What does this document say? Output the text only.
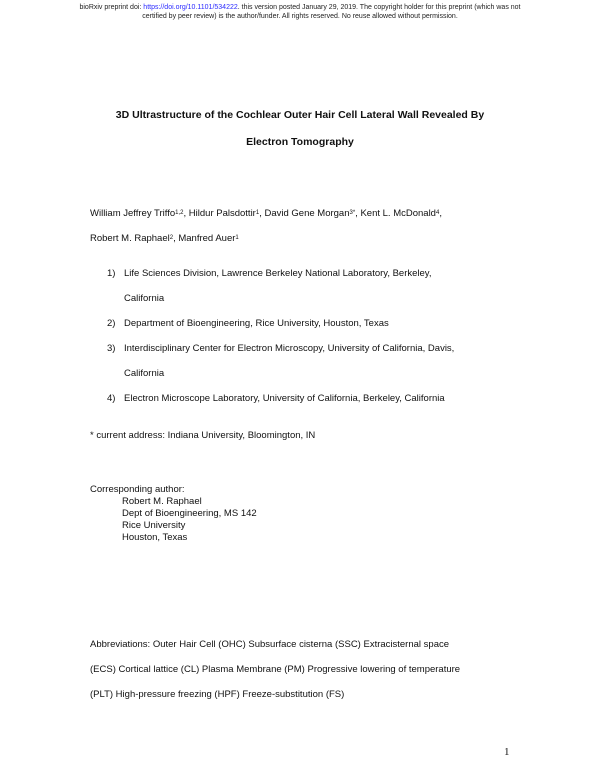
bioRxiv preprint doi: https://doi.org/10.1101/534222. this version posted January 29, 2019. The copyright holder for this preprint (which was not
certified by peer review) is the author/funder. All rights reserved. No reuse allowed without permission.
3D Ultrastructure of the Cochlear Outer Hair Cell Lateral Wall Revealed By
Electron Tomography
William Jeffrey Triffo$^{1,2}$, Hildur Palsdottir$^1$, David Gene Morgan$^{3*}$, Kent L. McDonald$^4$,
Robert M. Raphael$^2$, Manfred Auer$^1$
1) Life Sciences Division, Lawrence Berkeley National Laboratory, Berkeley,
California
2) Department of Bioengineering, Rice University, Houston, Texas
3) Interdisciplinary Center for Electron Microscopy, University of California, Davis,
California
4) Electron Microscope Laboratory, University of California, Berkeley, California
* current address: Indiana University, Bloomington, IN
Corresponding author:
Robert M. Raphael
Dept of Bioengineering, MS 142
Rice University
Houston, Texas
Abbreviations: Outer Hair Cell (OHC) Subsurface cisterna (SSC) Extracisternal space
(ECS) Cortical lattice (CL) Plasma Membrane (PM) Progressive lowering of temperature
(PLT) High-pressure freezing (HPF) Freeze-substitution (FS)
1
